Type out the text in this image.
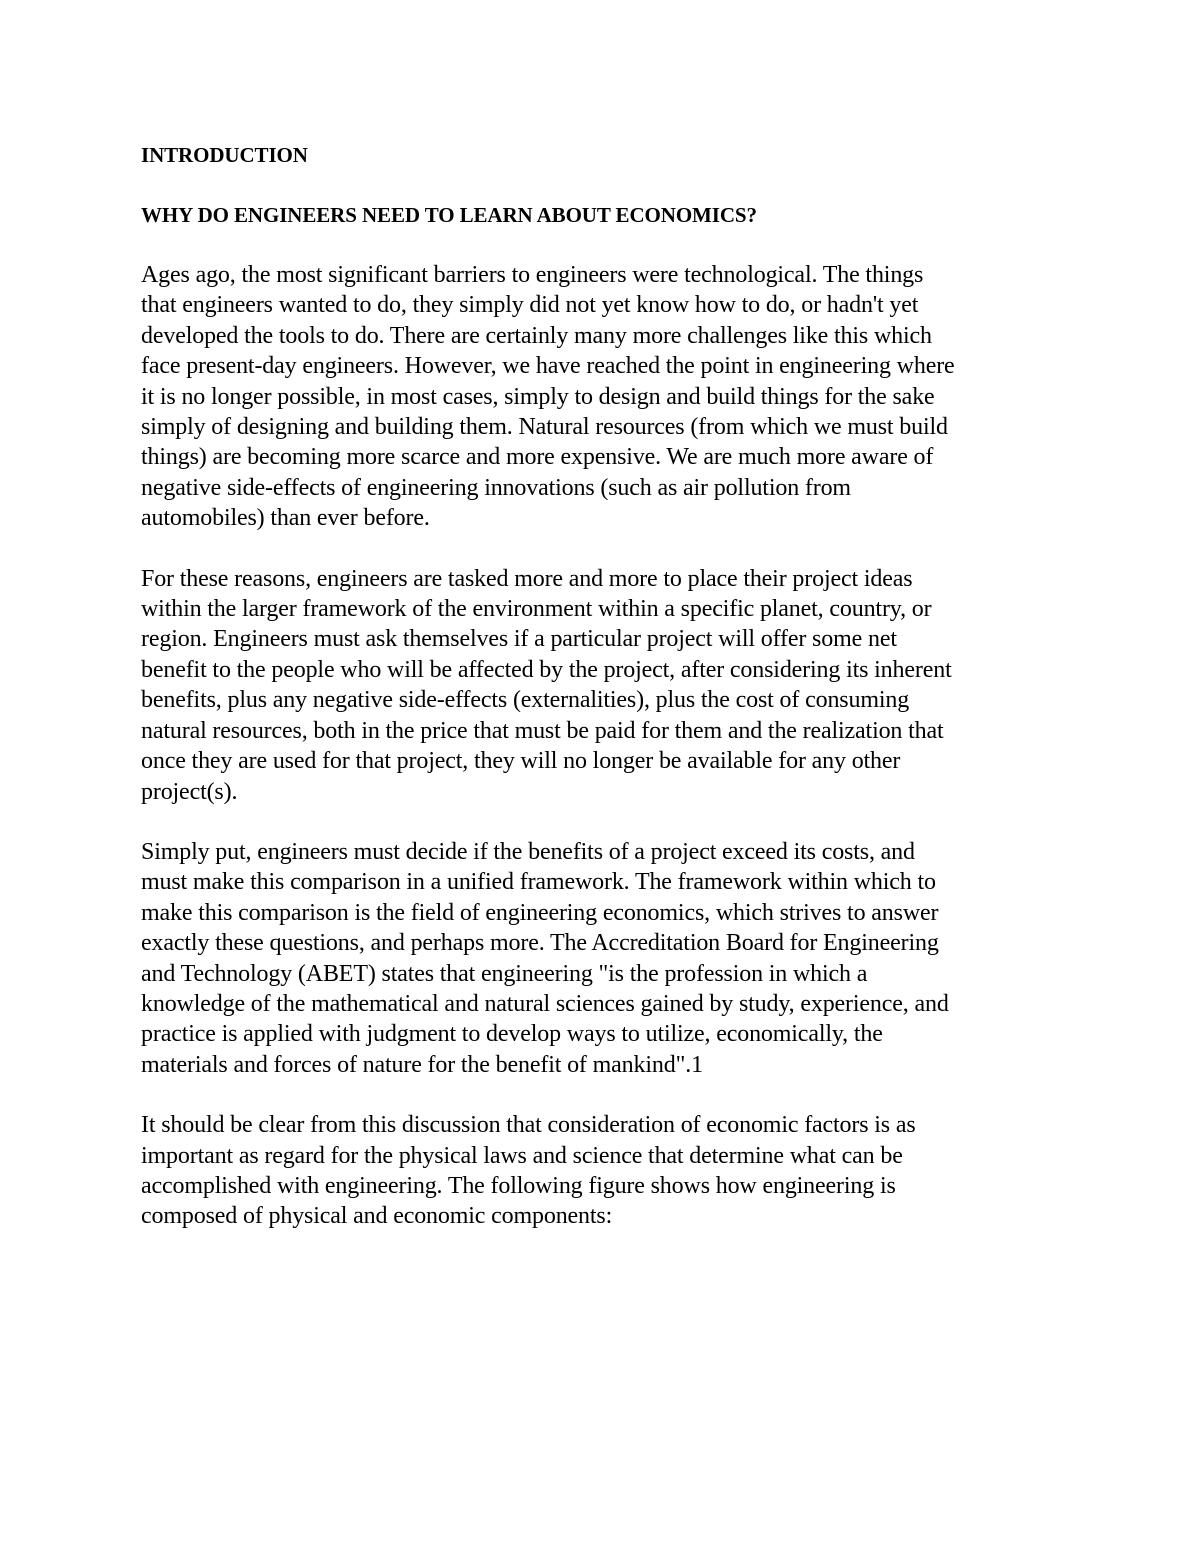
INTRODUCTION
WHY DO ENGINEERS NEED TO LEARN ABOUT ECONOMICS?

Ages ago, the most significant barriers to engineers were technological. The things
that engineers wanted to do, they simply did not yet know how to do, or hadn't yet
developed the tools to do. There are certainly many more challenges like this which
face present-day engineers. However, we have reached the point in engineering where
it is no longer possible, in most cases, simply to design and build things for the sake
simply of designing and building them. Natural resources (from which we must build
things) are becoming more scarce and more expensive. We are much more aware of
negative side-effects of engineering innovations (such as air pollution from
automobiles) than ever before.

For these reasons, engineers are tasked more and more to place their project ideas
within the larger framework of the environment within a specific planet, country, or
region. Engineers must ask themselves if a particular project will offer some net
benefit to the people who will be affected by the project, after considering its inherent
benefits, plus any negative side-effects (externalities), plus the cost of consuming
natural resources, both in the price that must be paid for them and the realization that
once they are used for that project, they will no longer be available for any other
project(s).

Simply put, engineers must decide if the benefits of a project exceed its costs, and
must make this comparison in a unified framework. The framework within which to
make this comparison is the field of engineering economics, which strives to answer
exactly these questions, and perhaps more. The Accreditation Board for Engineering
and Technology (ABET) states that engineering "is the profession in which a
knowledge of the mathematical and natural sciences gained by study, experience, and
practice is applied with judgment to develop ways to utilize, economically, the
materials and forces of nature for the benefit of mankind".1

It should be clear from this discussion that consideration of economic factors is as
important as regard for the physical laws and science that determine what can be
accomplished with engineering. The following figure shows how engineering is
composed of physical and economic components:
